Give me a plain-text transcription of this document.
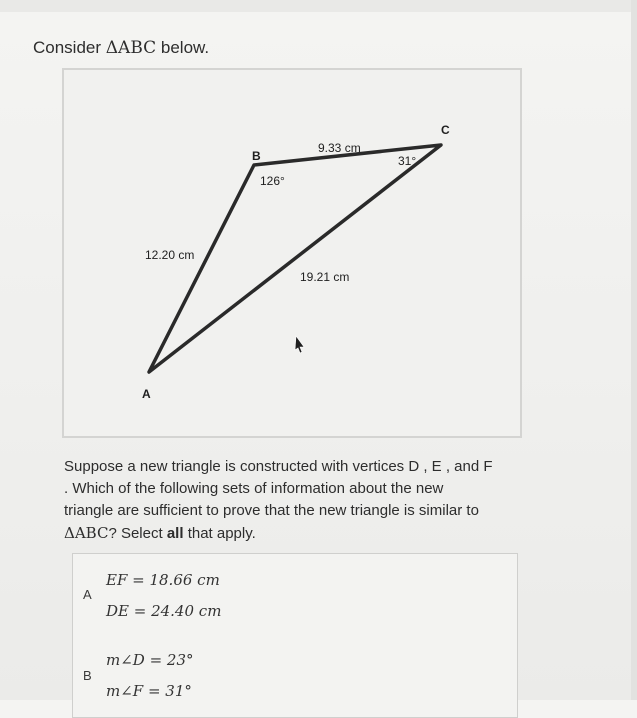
Consider ΔABC below.
B
C
A
9.33 cm
12.20 cm
19.21 cm
126°
31°
Suppose a new triangle is constructed with vertices D , E , and F
. Which of the following sets of information about the new
triangle are sufficient to prove that the new triangle is similar to
ΔABC? Select all that apply.
A
EF = 18.66 cm
DE = 24.40 cm
B
m∠D = 23°
m∠F = 31°
